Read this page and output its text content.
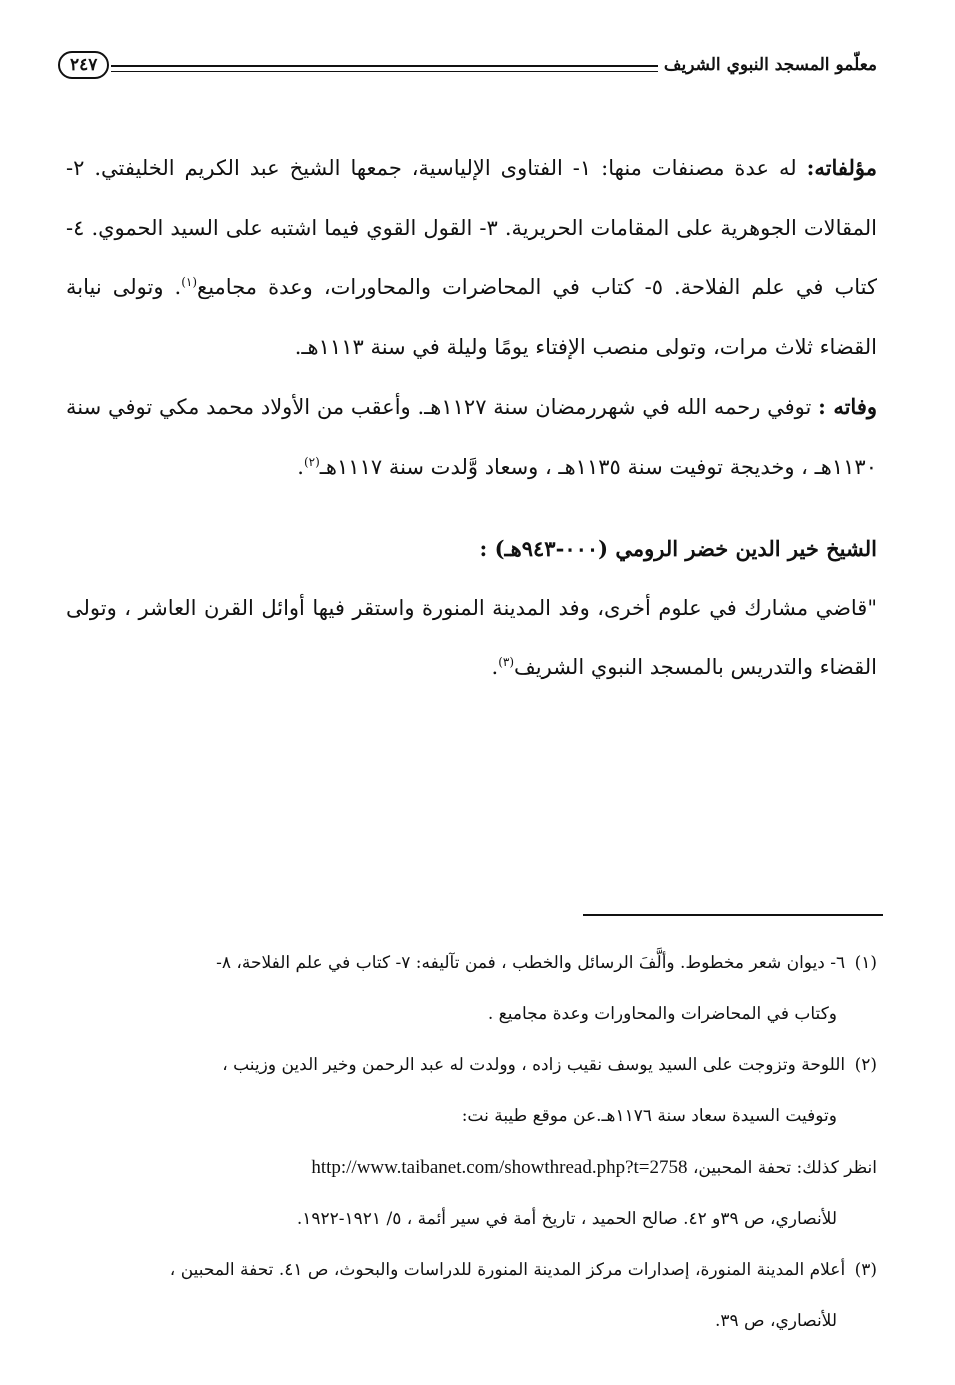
معلّمو المسجد النبوي الشريف
٢٤٧

مؤلفاته: له عدة مصنفات منها: ١- الفتاوى الإلياسية، جمعها الشيخ عبد الكريم الخليفتي. ٢- المقالات الجوهرية على المقامات الحريرية. ٣- القول القوي فيما اشتبه على السيد الحموي. ٤- كتاب في علم الفلاحة. ٥- كتاب في المحاضرات والمحاورات، وعدة مجاميع$^{(١)}$. وتولى نيابة القضاء ثلاث مرات، وتولى منصب الإفتاء يومًا وليلة في سنة ١١١٣هـ.

وفاته : توفي رحمه الله في شهررمضان سنة ١١٢٧هـ. وأعقب من الأولاد محمد مكي توفي سنة ١١٣٠هـ ، وخديجة توفيت سنة ١١٣٥هـ ، وسعاد وَّلدت سنة ١١١٧هـ$^{(٢)}$.

الشيخ خير الدين خضر الرومي (٠٠٠-٩٤٣هـ) :

"قاضي مشارك في علوم أخرى، وفد المدينة المنورة واستقر فيها أوائل القرن العاشر ، وتولى القضاء والتدريس بالمسجد النبوي الشريف$^{(٣)}$.

(١) ٦- ديوان شعر مخطوط. وألَّفَ الرسائل والخطب ، فمن تآليفه: ٧- كتاب في علم الفلاحة، ٨-
وكتاب في المحاضرات والمحاورات وعدة مجاميع .

(٢) اللوحة وتزوجت على السيد يوسف نقيب زاده ، وولدت له عبد الرحمن وخير الدين وزينب ،
وتوفيت السيدة سعاد سنة ١١٧٦هـ.عن موقع طيبة نت:
انظر كذلك: تحفة المحبين، http://www.taibanet.com/showthread.php?t=2758
للأنصاري، ص ٣٩و ٤٢. صالح الحميد ، تاريخ أمة في سير أئمة ، ٥/ ١٩٢١-١٩٢٢.

(٣) أعلام المدينة المنورة، إصدارات مركز المدينة المنورة للدراسات والبحوث، ص ٤١. تحفة المحبين ،
للأنصاري، ص ٣٩.
